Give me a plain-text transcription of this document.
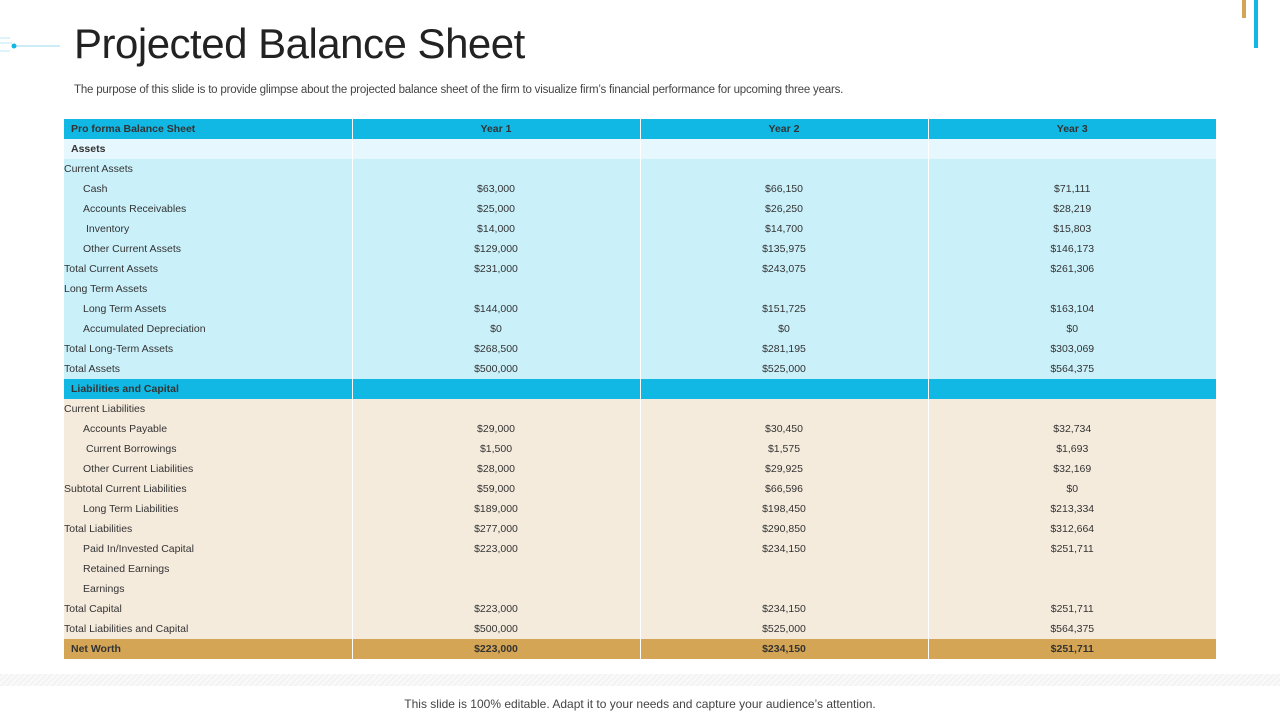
Projected Balance Sheet

The purpose of this slide is to provide glimpse about the projected balance sheet of the firm to visualize firm’s financial performance for upcoming three years.

Pro forma Balance Sheet	Year 1	Year 2	Year 3
Assets			
Current Assets			
Cash	$63,000	$66,150	$71,111
Accounts Receivables	$25,000	$26,250	$28,219
Inventory	$14,000	$14,700	$15,803
Other Current Assets	$129,000	$135,975	$146,173
Total Current Assets	$231,000	$243,075	$261,306
Long Term Assets			
Long Term Assets	$144,000	$151,725	$163,104
Accumulated Depreciation	$0	$0	$0
Total Long-Term Assets	$268,500	$281,195	$303,069
Total Assets	$500,000	$525,000	$564,375
Liabilities and Capital			
Current Liabilities			
Accounts Payable	$29,000	$30,450	$32,734
Current Borrowings	$1,500	$1,575	$1,693
Other Current Liabilities	$28,000	$29,925	$32,169
Subtotal Current Liabilities	$59,000	$66,596	$0
Long Term Liabilities	$189,000	$198,450	$213,334
Total Liabilities	$277,000	$290,850	$312,664
Paid In/Invested Capital	$223,000	$234,150	$251,711
Retained Earnings			
Earnings			
Total Capital	$223,000	$234,150	$251,711
Total Liabilities and Capital	$500,000	$525,000	$564,375
Net Worth	$223,000	$234,150	$251,711

This slide is 100% editable. Adapt it to your needs and capture your audience’s attention.
